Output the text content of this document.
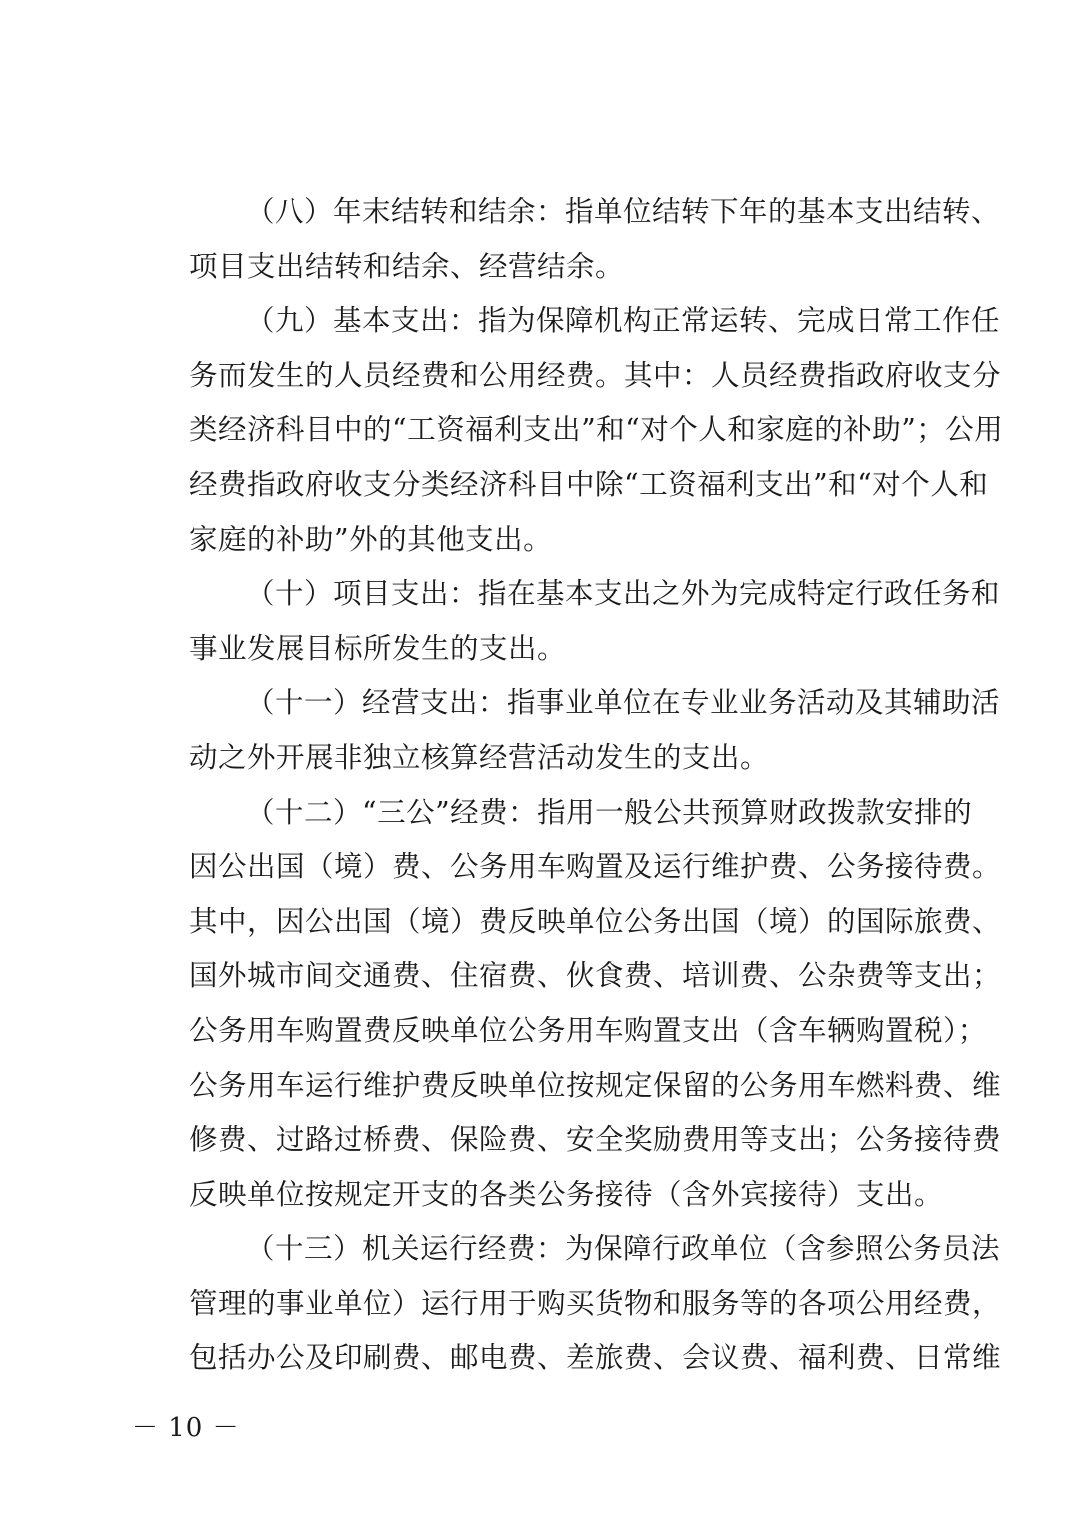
（八）年末结转和结余：指单位结转下年的基本支出结转、
项目支出结转和结余、经营结余。
（九）基本支出：指为保障机构正常运转、完成日常工作任
务而发生的人员经费和公用经费。其中：人员经费指政府收支分
类经济科目中的“工资福利支出”和“对个人和家庭的补助”；公用
经费指政府收支分类经济科目中除“工资福利支出”和“对个人和
家庭的补助”外的其他支出。
（十）项目支出：指在基本支出之外为完成特定行政任务和
事业发展目标所发生的支出。
（十一）经营支出：指事业单位在专业业务活动及其辅助活
动之外开展非独立核算经营活动发生的支出。
（十二）“三公”经费：指用一般公共预算财政拨款安排的
因公出国（境）费、公务用车购置及运行维护费、公务接待费。
其中，因公出国（境）费反映单位公务出国（境）的国际旅费、
国外城市间交通费、住宿费、伙食费、培训费、公杂费等支出；
公务用车购置费反映单位公务用车购置支出（含车辆购置税）；
公务用车运行维护费反映单位按规定保留的公务用车燃料费、维
修费、过路过桥费、保险费、安全奖励费用等支出；公务接待费
反映单位按规定开支的各类公务接待（含外宾接待）支出。
（十三）机关运行经费：为保障行政单位（含参照公务员法
管理的事业单位）运行用于购买货物和服务等的各项公用经费，
包括办公及印刷费、邮电费、差旅费、会议费、福利费、日常维
－ 10 －
